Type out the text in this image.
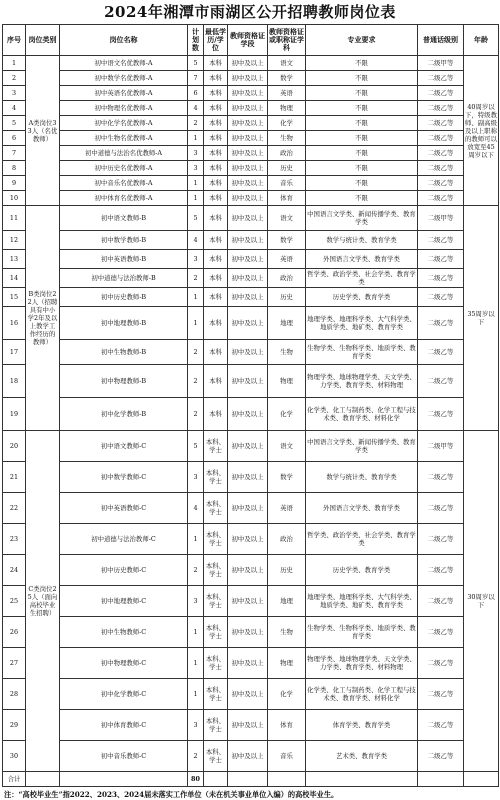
2024年湘潭市雨湖区公开招聘教师岗位表
序号	岗位类别	岗位名称	计划数	最低学历/学位	教师资格证学段	教师资格证或职称证学科	专业要求	普通话级别	年龄
1	A类岗位33人（名优教师）	初中语文名优教师-A	5	本科	初中及以上	语文	不限	二级甲等	40周岁以下，特级教师、副高级及以上职称的教师可以放宽至45周岁以下
2		初中数学名优教师-A	7	本科	初中及以上	数学	不限	二级乙等	
3		初中英语名优教师-A	6	本科	初中及以上	英语	不限	二级乙等	
4		初中物理名优教师-A	4	本科	初中及以上	物理	不限	二级乙等	
5		初中化学名优教师-A	2	本科	初中及以上	化学	不限	二级乙等	
6		初中生物名优教师-A	1	本科	初中及以上	生物	不限	二级乙等	
7		初中道德与法治名优教师-A	3	本科	初中及以上	政治	不限	二级乙等	
8		初中历史名优教师-A	3	本科	初中及以上	历史	不限	二级乙等	
9		初中音乐名优教师-A	1	本科	初中及以上	音乐	不限	二级乙等	
10		初中体育名优教师-A	1	本科	初中及以上	体育	不限	二级乙等	
11	B类岗位22人（招聘具有中小学2年及以上教学工作经历的教师）	初中语文教师-B	5	本科	初中及以上	语文	中国语言文学类、新闻传播学类、教育学类	二级甲等	35周岁以下
12		初中数学教师-B	4	本科	初中及以上	数学	数学与统计类、教育学类	二级乙等	
13		初中英语教师-B	3	本科	初中及以上	英语	外国语言文学类、教育学类	二级乙等	
14		初中道德与法治教师-B	2	本科	初中及以上	政治	哲学类、政治学类、社会学类、教育学类	二级乙等	
15		初中历史教师-B	1	本科	初中及以上	历史	历史学类、教育学类	二级乙等	
16		初中地理教师-B	1	本科	初中及以上	地理	地理学类、地理科学类、大气科学类、地质学类、地矿类、教育学类	二级乙等	
17		初中生物教师-B	2	本科	初中及以上	生物	生物学类、生物科学类、地质学类、教育学类	二级乙等	
18		初中物理教师-B	2	本科	初中及以上	物理	物理学类、地球物理学类、天文学类、力学类、教育学类、材料物理	二级乙等	
19		初中化学教师-B	2	本科	初中及以上	化学	化学类、化工与制药类、化学工程与技术类、教育学类、材料化学	二级乙等	
20	C类岗位25人（面向高校毕业生招聘）	初中语文教师-C	5	本科、学士	初中及以上	语文	中国语言文学类、新闻传播学类、教育学类	二级甲等	30周岁以下
21		初中数学教师-C	3	本科、学士	初中及以上	数学	数学与统计类、教育学类	二级乙等	
22		初中英语教师-C	4	本科、学士	初中及以上	英语	外国语言文学类、教育学类	二级乙等	
23		初中道德与法治教师-C	1	本科、学士	初中及以上	政治	哲学类、政治学类、社会学类、教育学类	二级乙等	
24		初中历史教师-C	2	本科、学士	初中及以上	历史	历史学类、教育学类	二级乙等	
25		初中地理教师-C	3	本科、学士	初中及以上	地理	地理学类、地理科学类、大气科学类、地质学类、地矿类、教育学类	二级乙等	
26		初中生物教师-C	1	本科、学士	初中及以上	生物	生物学类、生物科学类、地质学类、教育学类	二级乙等	
27		初中物理教师-C	1	本科、学士	初中及以上	物理	物理学类、地球物理学类、天文学类、力学类、教育学类、材料物理	二级乙等	
28		初中化学教师-C	1	本科、学士	初中及以上	化学	化学类、化工与制药类、化学工程与技术类、教育学类、材料化学	二级乙等	
29		初中体育教师-C	3	本科、学士	初中及以上	体育	体育学类、教育学类	二级乙等	
30		初中音乐教师-C	2	本科、学士	初中及以上	音乐	艺术类、教育学类	二级乙等	
合计			80						
注：“高校毕业生”指2022、2023、2024届未落实工作单位（未在机关事业单位入编）的高校毕业生。
